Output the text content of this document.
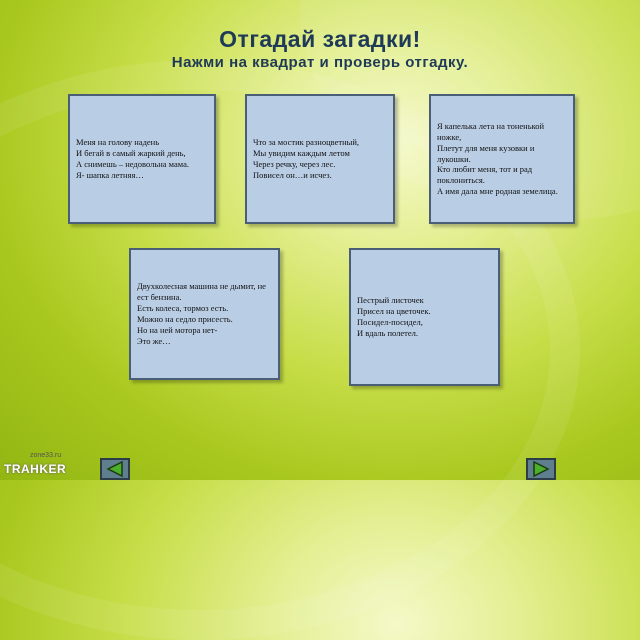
Отгадай загадки!
Нажми на квадрат и проверь отгадку.

Меня на голову надень
И бегай в самый жаркий день,
А снимешь – недовольна мама.
Я- шапка летняя…

Что за мостик разноцветный,
Мы увидим каждым летом
Через речку, через лес.
Повисел он…и исчез.

Я капелька лета на тоненькой ножке,
Плетут для меня кузовки и лукошки.
Кто любит меня, тот и рад поклониться.
А имя дала мне родная земелица.

Двухколесная машина не дымит, не ест бензина.
Есть колеса, тормоз есть.
Можно на седло присесть.
Но на ней мотора нет-
Это же…

Пестрый листочек
Присел на цветочек.
Посидел-посидел,
И вдаль полетел.

zone33.ru
TRAHKER
